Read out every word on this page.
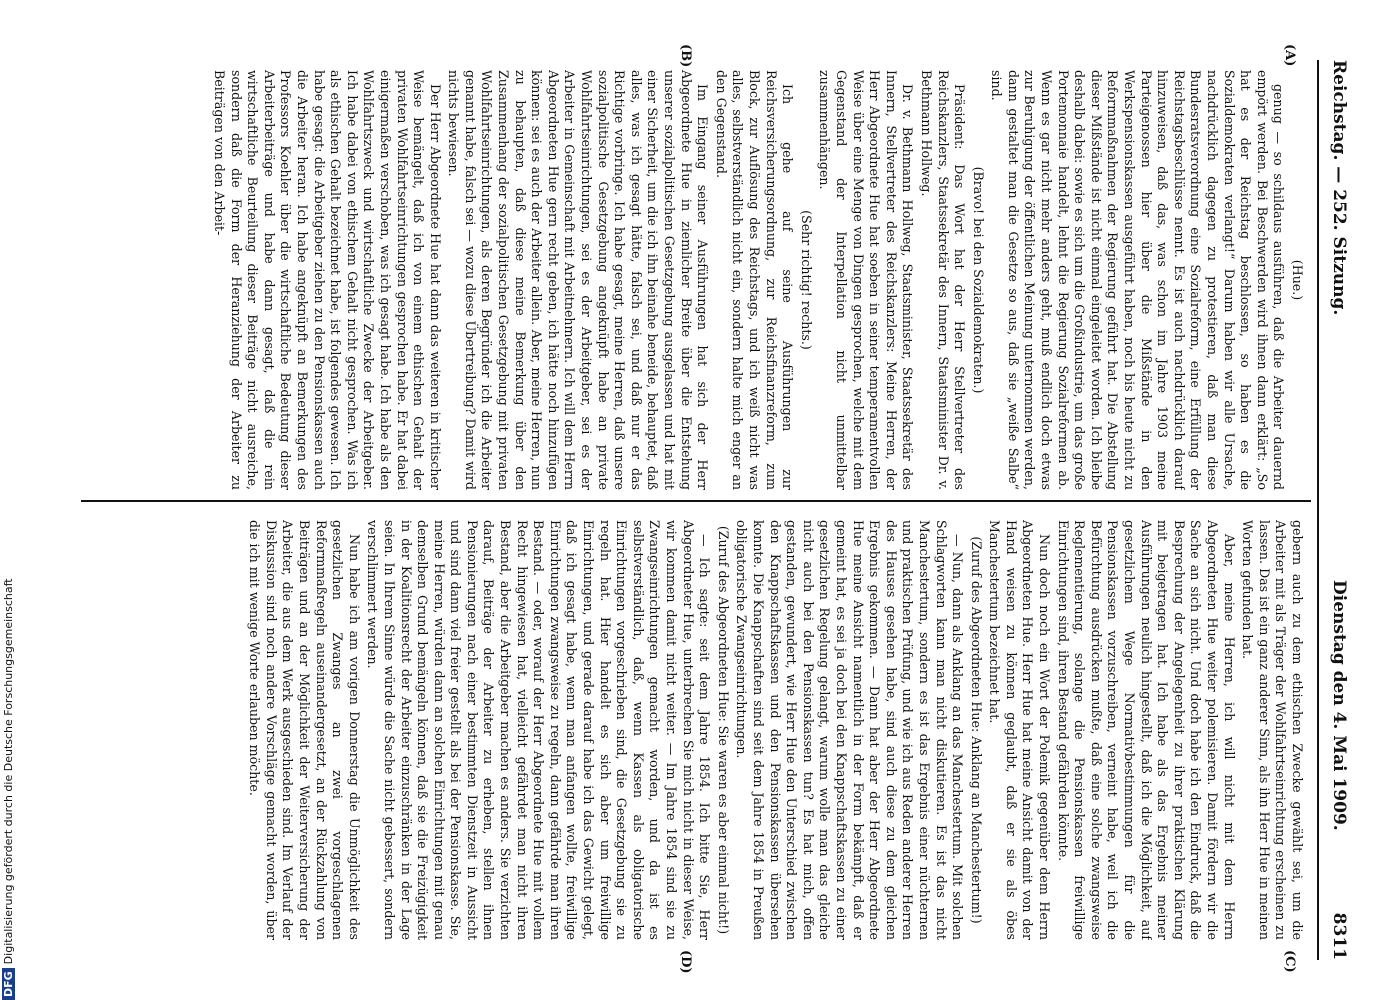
Reichstag. — 252. Sitzung.
Dienstag den 4. Mai 1909.
8311
(A)
(B)
(C)
(D)

(Hue.)

genug — so schildaus ausführen, daß die Arbeiter dauernd empört werden. Bei Beschwerden wird ihnen dann erklärt: „So hat es der Reichstag beschlossen, so haben es die Sozialdemokraten verlangt!“ Darum haben wir alle Ursache, nachdrücklich dagegen zu protestieren, daß man diese Bundesratsverordnung eine Sozialreform, eine Erfüllung der Reichstagsbeschlüsse nennt. Es ist auch nachdrücklich darauf hinzuweisen, daß das, was schon im Jahre 1903 meine Parteigenossen hier über die Mißstände in den Werkspensionskassen ausgeführt haben, noch bis heute nicht zu Reformmaßnahmen der Regierung geführt hat. Die Abstellung dieser Mißstände ist nicht einmal eingeleitet worden. Ich bleibe deshalb dabei: sowie es sich um die Großindustrie, um das große Portemonnaie handelt, lehnt die Regierung Sozialreformen ab. Wenn es gar nicht mehr anders geht, muß endlich doch etwas zur Beruhigung der öffentlichen Meinung unternommen werden, dann gestaltet man die Gesetze so aus, daß sie „weiße Salbe“ sind.

(Bravo! bei den Sozialdemokraten.)

Präsident: Das Wort hat der Herr Stellvertreter des Reichskanzlers, Staatssekretär des Innern, Staatsminister Dr. v. Bethmann Hollweg.

Dr. v. Bethmann Hollweg, Staatsminister, Staatssekretär des Innern, Stellvertreter des Reichskanzlers: Meine Herren, der Herr Abgeordnete Hue hat soeben in seiner temperamentvollen Weise über eine Menge von Dingen gesprochen, welche mit dem Gegenstand der Interpellation nicht unmittelbar zusammenhängen.

(Sehr richtig! rechts.)

Ich gehe auf seine Ausführungen zur Reichsversicherungsordnung, zur Reichsfinanzreform, zum Block, zur Auflösung des Reichstags, und ich weiß nicht was alles, selbstverständlich nicht ein, sondern halte mich enger an den Gegenstand.

Im Eingang seiner Ausführungen hat sich der Herr Abgeordnete Hue in ziemlicher Breite über die Entstehung unserer sozialpolitischen Gesetzgebung ausgelassen und hat mit einer Sicherheit, um die ich ihn beinahe beneide, behauptet, daß alles, was ich gesagt hätte, falsch sei, und daß nur er das Richtige vorbringe. Ich habe gesagt, meine Herren, daß unsere sozialpolitische Gesetzgebung angeknüpft habe an private Wohlfahrtseinrichtungen, sei es der Arbeitgeber, sei es der Arbeiter in Gemeinschaft mit Arbeitnehmern. Ich will dem Herrn Abgeordneten Hue gern recht geben, ich hätte noch hinzufügen können: sei es auch der Arbeiter allein. Aber, meine Herren, nun zu behaupten, daß diese meine Bemerkung über den Zusammenhang der sozialpolitischen Gesetzgebung mit privaten Wohlfahrtseinrichtungen, als deren Begründer ich die Arbeiter genannt habe, falsch sei — wozu diese Übertreibung? Damit wird nichts bewiesen.

Der Herr Abgeordnete Hue hat dann das weiteren in kritischer Weise bemängelt, daß ich von einem ethischen Gehalt der privaten Wohlfahrtseinrichtungen gesprochen habe. Er hat dabei einigermaßen verschoben, was ich gesagt habe. Ich habe als den Wohlfahrtszweck und wirtschaftliche Zwecke der Arbeitgeber. Ich habe dabei von ethischem Gehalt nicht gesprochen. Was ich als ethischen Gehalt bezeichnet habe, ist folgendes gewesen. Ich habe gesagt: die Arbeitgeber ziehen zu den Pensionskassen auch die Arbeiter heran. Ich habe angeknüpft an Bemerkungen des Professors Koehler über die wirtschaftliche Bedeutung dieser Arbeiterbeiträge und habe dann gesagt, daß die rein wirtschaftliche Beurteilung dieser Beiträge nicht ausreiche, sondern daß die Form der Heranziehung der Arbeiter zu Beiträgen von den Arbeit-

gebern auch zu dem ethischen Zwecke gewählt sei, um die Arbeiter mit als Träger der Wohlfahrtseinrichtung erscheinen zu lassen. Das ist ein ganz anderer Sinn, als ihn Herr Hue in meinen Worten gefunden hat.

Aber, meine Herren, ich will nicht mit dem Herrn Abgeordneten Hue weiter polemisieren. Damit fördern wir die Sache an sich nicht. Und doch habe ich den Eindruck, daß die Besprechung der Angelegenheit zu ihrer praktischen Klärung mit beigetragen hat. Ich habe als das Ergebnis meiner Ausführungen neulich hingestellt, daß ich die Möglichkeit, auf gesetzlichem Wege Normativbestimmungen für die Pensionskassen vorzuschreiben, verneint habe, weil ich die Befürchtung ausdrücken mußte, daß eine solche zwangsweise Reglementierung, solange die Pensionskassen freiwillige Einrichtungen sind, ihren Bestand gefährden könnte.

Nun doch noch ein Wort der Polemik gegenüber dem Herrn Abgeordneten Hue. Herr Hue hat meine Ansicht damit von der Hand weisen zu können geglaubt, daß er sie als öbes Manchestertum bezeichnet hat.

(Zuruf des Abgeordneten Hue: Anklang an Manchestertum!)

— Nun, dann als Anklang an das Manchestertum. Mit solchen Schlagworten kann man nicht diskutieren. Es ist das nicht Manchestertum, sondern es ist das Ergebnis einer nüchternen und praktischen Prüfung, und wie ich aus Reden anderer Herren des Hauses gesehen habe, sind auch diese zu dem gleichen Ergebnis gekommen. — Dann hat aber der Herr Abgeordnete Hue meine Ansicht namentlich in der Form bekämpft, daß er gemeint hat, es sei ja doch bei den Knappschaftskassen zu einer gesetzlichen Regelung gelangt, warum wolle man das gleiche nicht auch bei den Pensionskassen tun? Es hat mich, offen gestanden, gewundert, wie Herr Hue den Unterschied zwischen den Knappschaftskassen und den Pensionskassen übersehen konnte. Die Knappschaften sind seit dem Jahre 1854 in Preußen obligatorische Zwangseinrichtungen.

(Zuruf des Abgeordneten Hue: Sie waren es aber einmal nicht!)

— Ich sagte: seit dem Jahre 1854. Ich bitte Sie, Herr Abgeordneter Hue, unterbrechen Sie mich nicht in dieser Weise, wir kommen damit nicht weiter. — Im Jahre 1854 sind sie zu Zwangseinrichtungen gemacht worden, und da ist es selbstverständlich, daß, wenn Kassen als obligatorische Einrichtungen vorgeschrieben sind, die Gesetzgebung sie zu regeln hat. Hier handelt es sich aber um freiwillige Einrichtungen, und gerade darauf habe ich das Gewicht gelegt, daß ich gesagt habe, wenn man anfangen wollte, freiwillige Einrichtungen zwangsweise zu regeln, dann gefährde man ihren Bestand. — oder, worauf der Herr Abgeordnete Hue mit vollem Recht hingewiesen hat, vielleicht gefährdet man nicht ihren Bestand, aber die Arbeitgeber machen es anders. Sie verzichten darauf, Beiträge der Arbeiter zu erheben, stellen ihnen Pensionierungen nach einer bestimmten Dienstzeit in Aussicht und sind dann viel freier gestellt als bei der Pensionskasse. Sie, meine Herren, würden dann an solchen Einrichtungen mit genau demselben Grund bemängeln können, daß sie die Freizügigkeit in der Koalitionsrecht der Arbeiter einzuschränken in der Lage seien. In Ihrem Sinne würde die Sache nicht gebessert, sondern verschlimmert werden.

Nun habe ich am vorigen Donnerstag die Unmöglichkeit des gesetzlichen Zwanges an zwei vorgeschlagenen Reformmaßregeln auseinandergesetzt, an der Rückzahlung von Beiträgen und an der Möglichkeit der Weiterversicherung der Arbeiter, die aus dem Werk ausgeschieden sind. Im Verlauf der Diskussion sind noch andere Vorschläge gemacht worden, über die ich mit wenige Worte erlauben möchte.

DFGDigitalisierung gefördert durch die Deutsche Forschungsgemeinschaft
